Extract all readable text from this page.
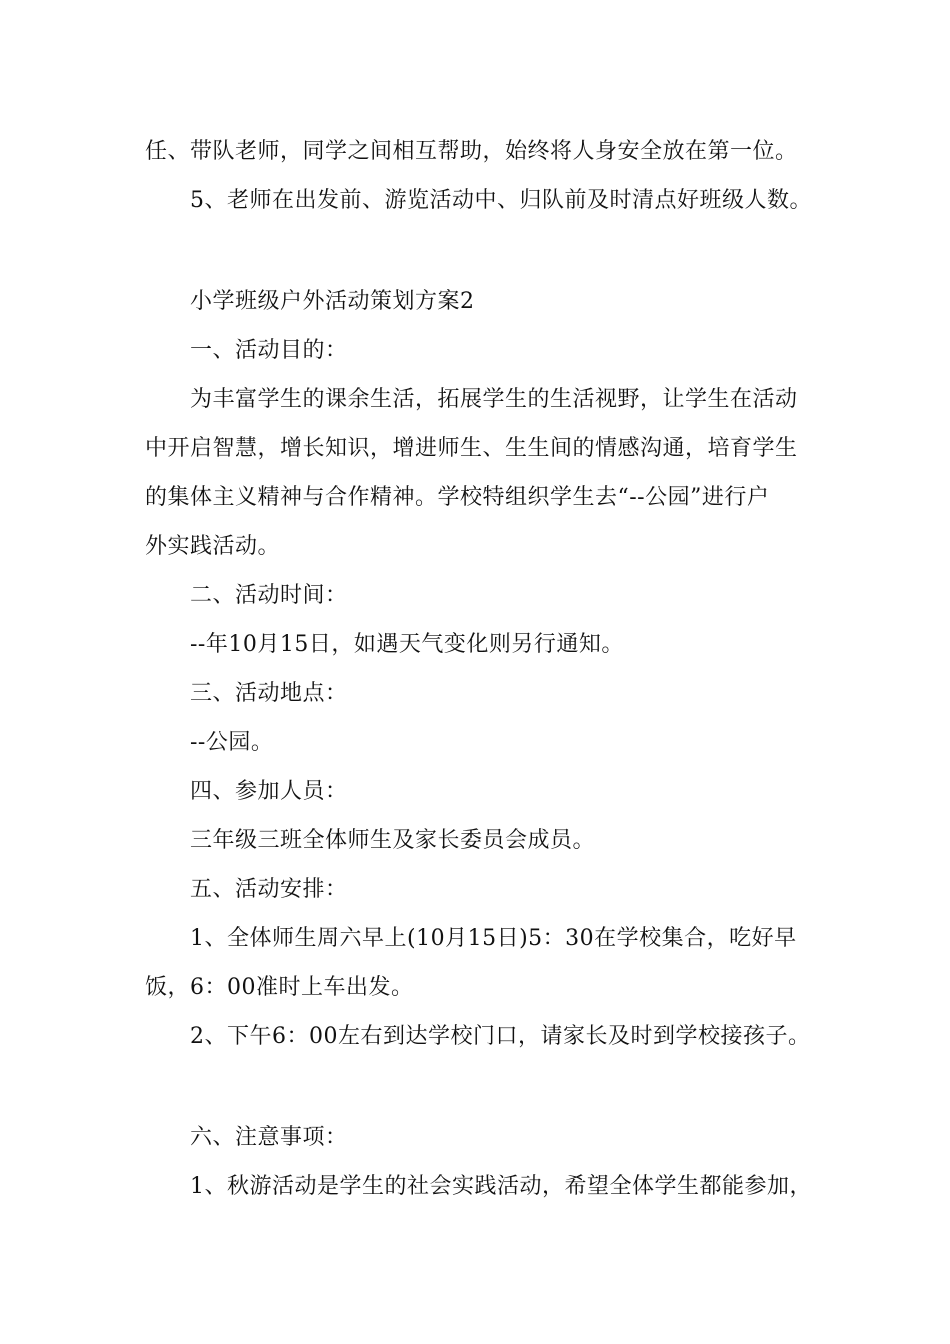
任、带队老师，同学之间相互帮助，始终将人身安全放在第一位。
5、老师在出发前、游览活动中、归队前及时清点好班级人数。
小学班级户外活动策划方案2
一、活动目的：
为丰富学生的课余生活，拓展学生的生活视野，让学生在活动
中开启智慧，增长知识，增进师生、生生间的情感沟通，培育学生
的集体主义精神与合作精神。学校特组织学生去“--公园”进行户
外实践活动。
二、活动时间：
--年10月15日，如遇天气变化则另行通知。
三、活动地点：
--公园。
四、参加人员：
三年级三班全体师生及家长委员会成员。
五、活动安排：
1、全体师生周六早上(10月15日)5：30在学校集合，吃好早
饭，6：00准时上车出发。
2、下午6：00左右到达学校门口，请家长及时到学校接孩子。
六、注意事项：
1、秋游活动是学生的社会实践活动，希望全体学生都能参加，
